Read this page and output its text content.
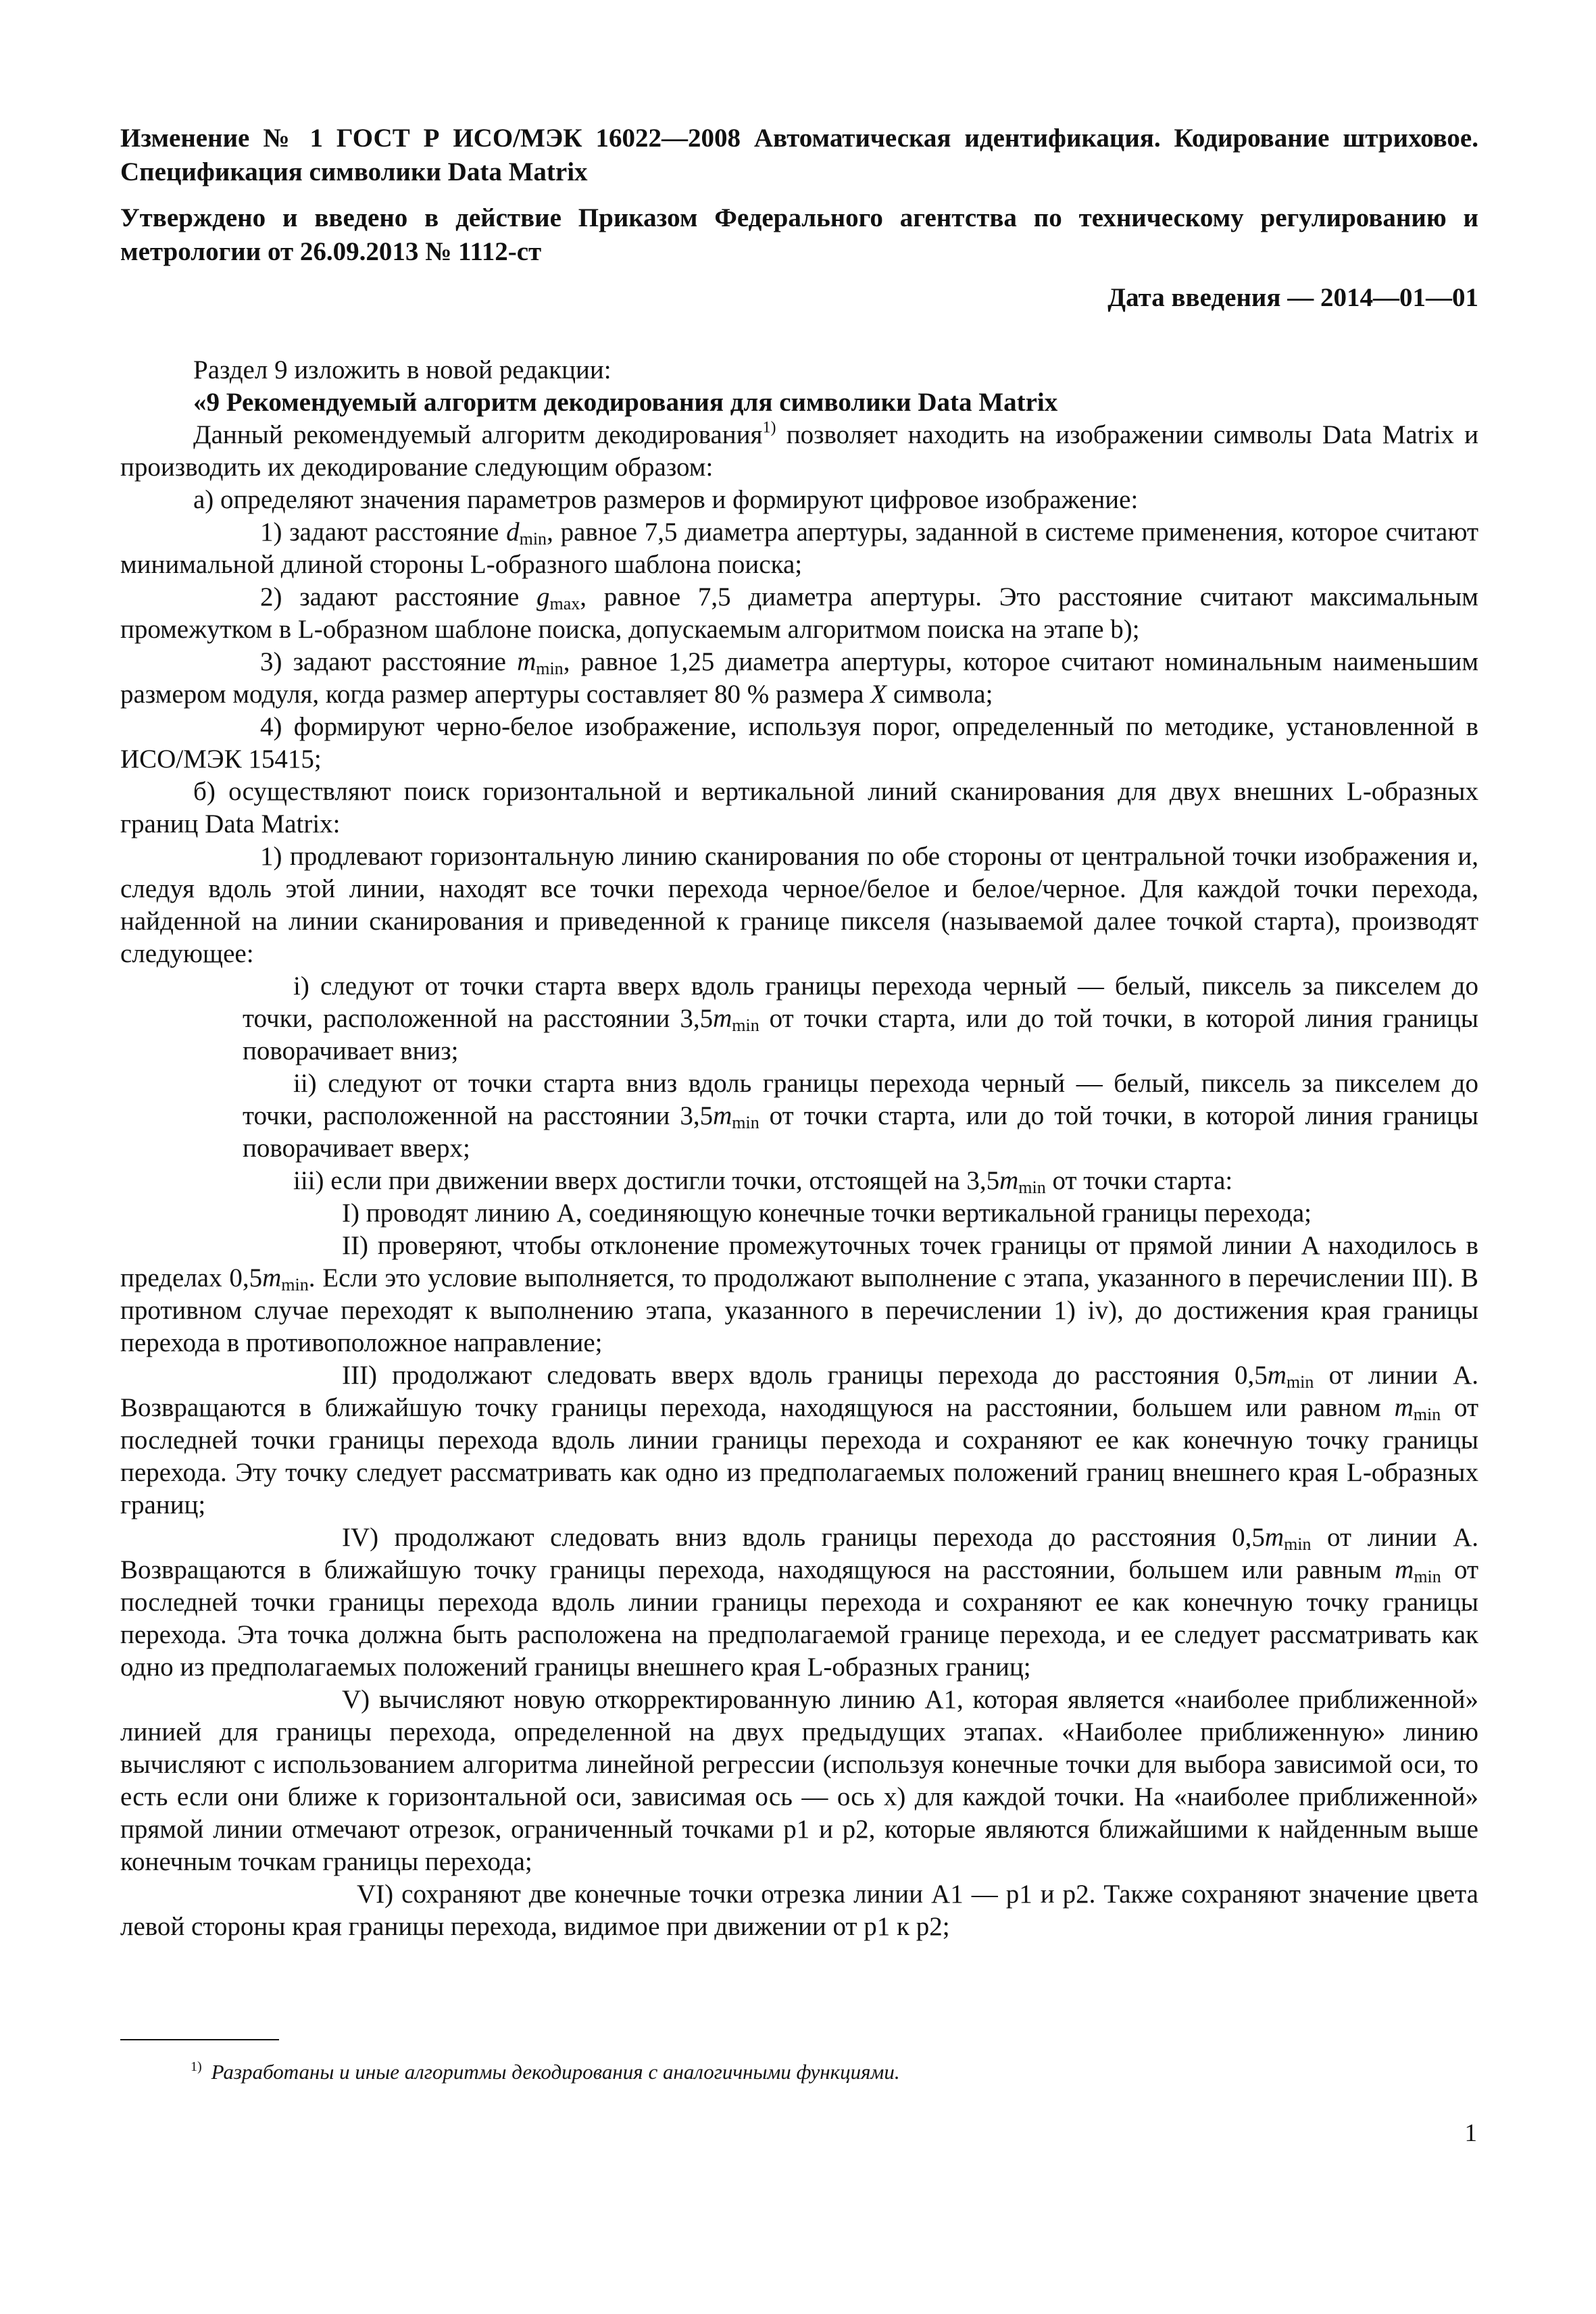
Изменение № 1 ГОСТ Р ИСО/МЭК 16022—2008 Автоматическая идентификация. Кодирование штриховое. Спецификация символики Data Matrix

Утверждено и введено в действие Приказом Федерального агентства по техническому регулированию и метрологии от 26.09.2013 № 1112-ст

Дата введения — 2014—01—01

Раздел 9 изложить в новой редакции:

«9 Рекомендуемый алгоритм декодирования для символики Data Matrix

Данный рекомендуемый алгоритм декодирования$^{1)}$ позволяет находить на изображении символы Data Matrix и производить их декодирование следующим образом:

а) определяют значения параметров размеров и формируют цифровое изображение:

1) задают расстояние $d_{min}$, равное 7,5 диаметра апертуры, заданной в системе применения, которое считают минимальной длиной стороны L-образного шаблона поиска;

2) задают расстояние $g_{max}$, равное 7,5 диаметра апертуры. Это расстояние считают максимальным промежутком в L-образном шаблоне поиска, допускаемым алгоритмом поиска на этапе b);

3) задают расстояние $m_{min}$, равное 1,25 диаметра апертуры, которое считают номинальным наименьшим размером модуля, когда размер апертуры составляет 80 % размера X символа;

4) формируют черно-белое изображение, используя порог, определенный по методике, установленной в ИСО/МЭК 15415;

б) осуществляют поиск горизонтальной и вертикальной линий сканирования для двух внешних L-образных границ Data Matrix:

1) продлевают горизонтальную линию сканирования по обе стороны от центральной точки изображения и, следуя вдоль этой линии, находят все точки перехода черное/белое и белое/черное. Для каждой точки перехода, найденной на линии сканирования и приведенной к границе пикселя (называемой далее точкой старта), производят следующее:

i) следуют от точки старта вверх вдоль границы перехода черный — белый, пиксель за пикселем до точки, расположенной на расстоянии $3,5m_{min}$ от точки старта, или до той точки, в которой линия границы поворачивает вниз;

ii) следуют от точки старта вниз вдоль границы перехода черный — белый, пиксель за пикселем до точки, расположенной на расстоянии $3,5m_{min}$ от точки старта, или до той точки, в которой линия границы поворачивает вверх;

iii) если при движении вверх достигли точки, отстоящей на $3,5m_{min}$ от точки старта:

I) проводят линию A, соединяющую конечные точки вертикальной границы перехода;

II) проверяют, чтобы отклонение промежуточных точек границы от прямой линии A находилось в пределах $0,5m_{min}$. Если это условие выполняется, то продолжают выполнение с этапа, указанного в перечислении III). В противном случае переходят к выполнению этапа, указанного в перечислении 1) iv), до достижения края границы перехода в противоположное направление;

III) продолжают следовать вверх вдоль границы перехода до расстояния $0,5m_{min}$ от линии A. Возвращаются в ближайшую точку границы перехода, находящуюся на расстоянии, большем или равном $m_{min}$ от последней точки границы перехода вдоль линии границы перехода и сохраняют ее как конечную точку границы перехода. Эту точку следует рассматривать как одно из предполагаемых положений границ внешнего края L-образных границ;

IV) продолжают следовать вниз вдоль границы перехода до расстояния $0,5m_{min}$ от линии A. Возвращаются в ближайшую точку границы перехода, находящуюся на расстоянии, большем или равным $m_{min}$ от последней точки границы перехода вдоль линии границы перехода и сохраняют ее как конечную точку границы перехода. Эта точка должна быть расположена на предполагаемой границе перехода, и ее следует рассматривать как одно из предполагаемых положений границы внешнего края L-образных границ;

V) вычисляют новую откорректированную линию A1, которая является «наиболее приближенной» линией для границы перехода, определенной на двух предыдущих этапах. «Наиболее приближенную» линию вычисляют с использованием алгоритма линейной регрессии (используя конечные точки для выбора зависимой оси, то есть если они ближе к горизонтальной оси, зависимая ось — ось x) для каждой точки. На «наиболее приближенной» прямой линии отмечают отрезок, ограниченный точками p1 и p2, которые являются ближайшими к найденным выше конечным точкам границы перехода;

VI) сохраняют две конечные точки отрезка линии A1 — p1 и p2. Также сохраняют значение цвета левой стороны края границы перехода, видимое при движении от p1 к p2;

$^{1)}$ Разработаны и иные алгоритмы декодирования с аналогичными функциями.
1
